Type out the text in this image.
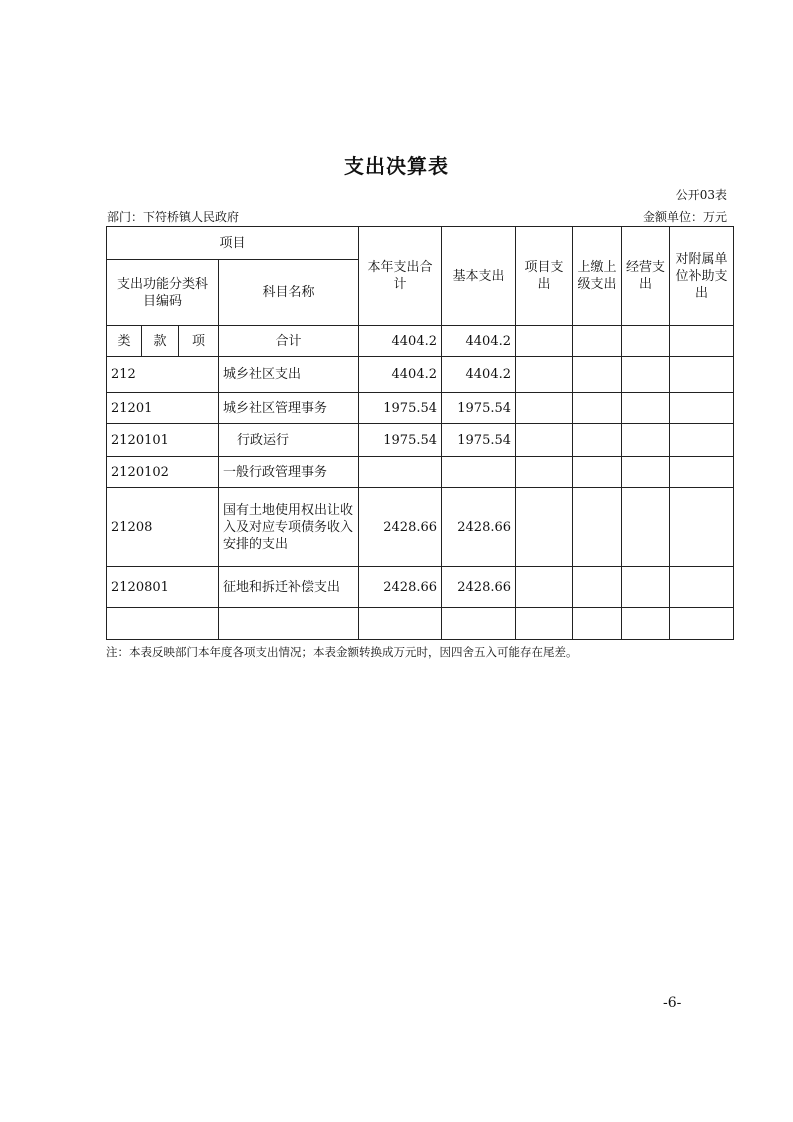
支出决算表
公开03表
部门：下符桥镇人民政府	金额单位：万元
项目				本年支出合计	基本支出	项目支出	上缴上级支出	经营支出	对附属单位补助支出
支出功能分类科目编码			科目名称						
类	款	项	合计	4404.2	4404.2				
212			城乡社区支出	4404.2	4404.2				
21201			城乡社区管理事务	1975.54	1975.54				
2120101			行政运行	1975.54	1975.54				
2120102			一般行政管理事务						
21208			国有土地使用权出让收入及对应专项债务收入安排的支出	2428.66	2428.66				
2120801			征地和拆迁补偿支出	2428.66	2428.66				

注：本表反映部门本年度各项支出情况；本表金额转换成万元时，因四舍五入可能存在尾差。
-6-
